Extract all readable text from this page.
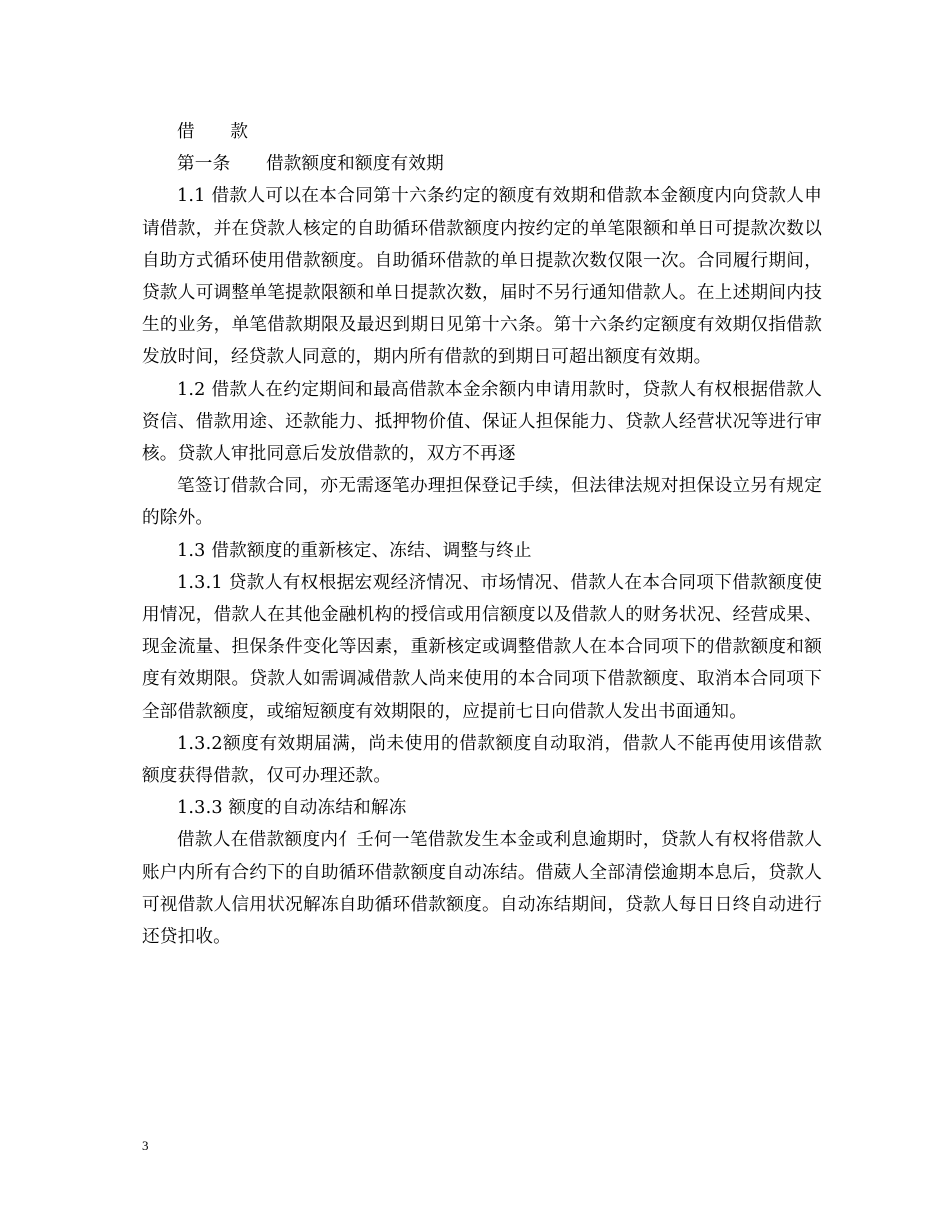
借　　款

第一条　　借款额度和额度有效期

1.1 借款人可以在本合同第十六条约定的额度有效期和借款本金额度内向贷款人申请借款，并在贷款人核定的自助循环借款额度内按约定的单笔限额和单日可提款次数以自助方式循环使用借款额度。自助循环借款的单日提款次数仅限一次。合同履行期间，贷款人可调整单笔提款限额和单日提款次数，届时不另行通知借款人。在上述期间内技生的业务，单笔借款期限及最迟到期日见第十六条。第十六条约定额度有效期仅指借款发放时间，经贷款人同意的，期内所有借款的到期日可超出额度有效期。

1.2 借款人在约定期间和最高借款本金余额内申请用款时，贷款人有权根据借款人资信、借款用途、还款能力、抵押物价值、保证人担保能力、贷款人经营状况等进行审核。贷款人审批同意后发放借款的，双方不再逐

笔签订借款合同，亦无需逐笔办理担保登记手续，但法律法规对担保设立另有规定的除外。

1.3 借款额度的重新核定、冻结、调整与终止

1.3.1 贷款人有权根据宏观经济情况、市场情况、借款人在本合同项下借款额度使用情况，借款人在其他金融机构的授信或用信额度以及借款人的财务状况、经营成果、现金流量、担保条件变化等因素，重新核定或调整借款人在本合同项下的借款额度和额度有效期限。贷款人如需调减借款人尚来使用的本合同项下借款额度、取消本合同项下全部借款额度，或缩短额度有效期限的，应提前七日向借款人发出书面通知。

1.3.2额度有效期届满，尚未使用的借款额度自动取消，借款人不能再使用该借款额度获得借款，仅可办理还款。

1.3.3 额度的自动冻结和解冻

借款人在借款额度内亻壬何一笔借款发生本金或利息逾期时，贷款人有权将借款人账户内所有合约下的自助循环借款额度自动冻结。借葳人全部清偿逾期本息后，贷款人可视借款人信用状况解冻自助循环借款额度。自动冻结期间，贷款人每日日终自动进行还贷扣收。

3
